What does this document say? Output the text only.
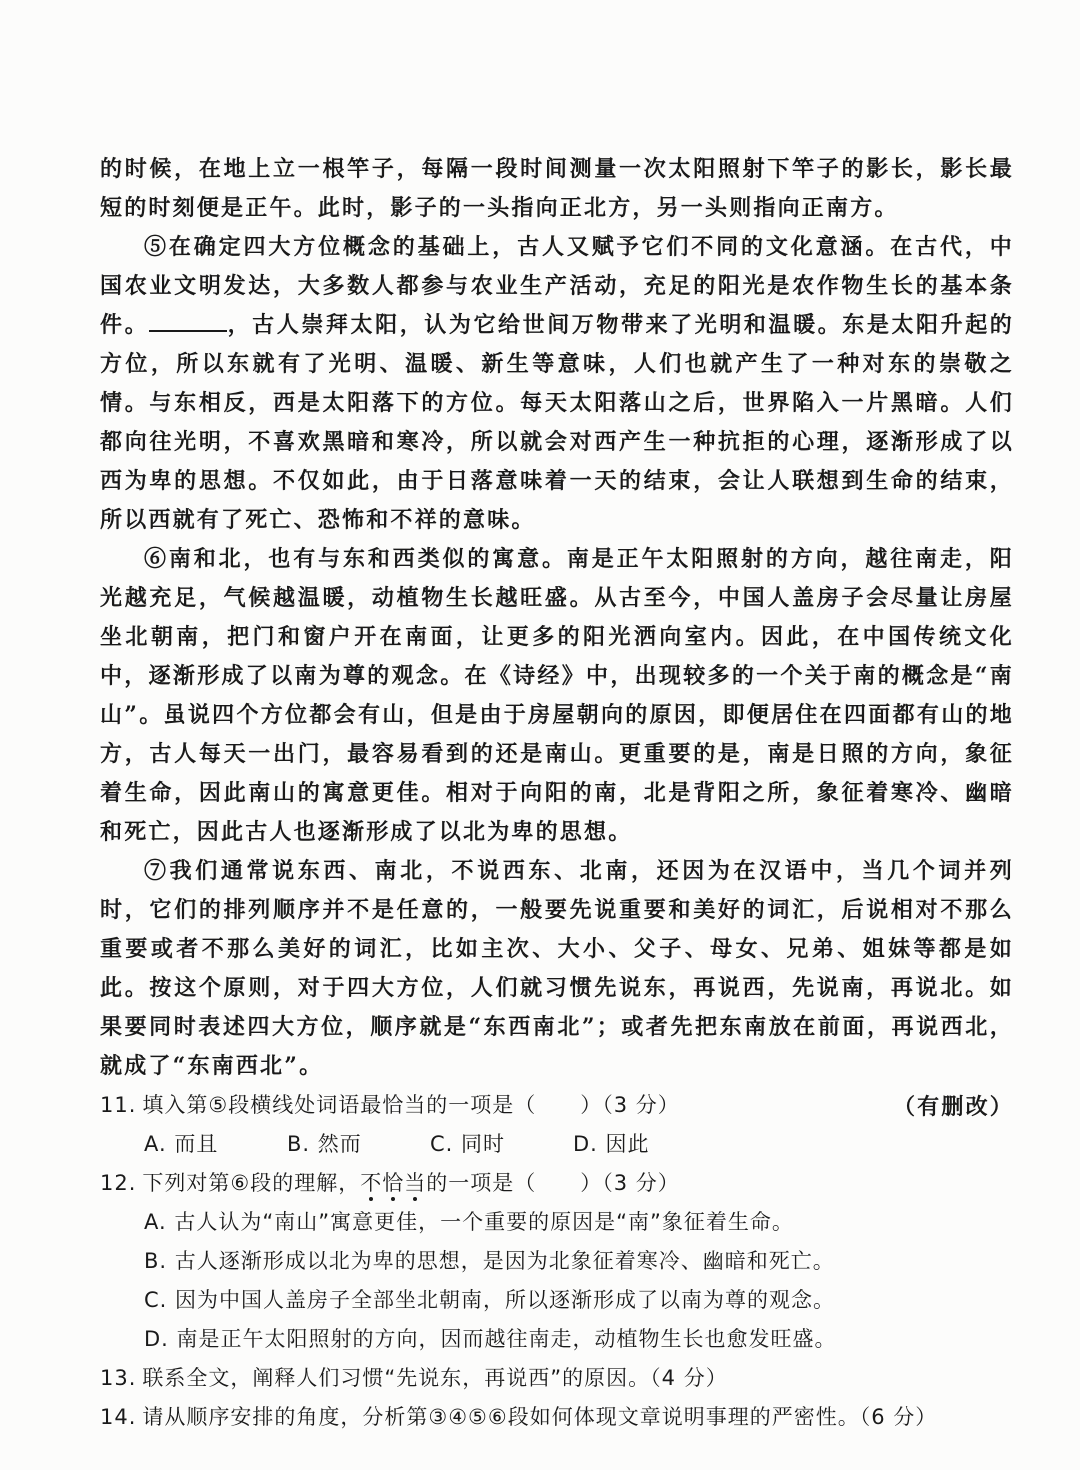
的时候，在地上立一根竿子，每隔一段时间测量一次太阳照射下竿子的影长，影长最短的时刻便是正午。此时，影子的一头指向正北方，另一头则指向正南方。

⑤在确定四大方位概念的基础上，古人又赋予它们不同的文化意涵。在古代，中国农业文明发达，大多数人都参与农业生产活动，充足的阳光是农作物生长的基本条件。	，古人崇拜太阳，认为它给世间万物带来了光明和温暖。东是太阳升起的方位，所以东就有了光明、温暖、新生等意味，人们也就产生了一种对东的崇敬之情。与东相反，西是太阳落下的方位。每天太阳落山之后，世界陷入一片黑暗。人们都向往光明，不喜欢黑暗和寒冷，所以就会对西产生一种抗拒的心理，逐渐形成了以西为卑的思想。不仅如此，由于日落意味着一天的结束，会让人联想到生命的结束，所以西就有了死亡、恐怖和不祥的意味。

⑥南和北，也有与东和西类似的寓意。南是正午太阳照射的方向，越往南走，阳光越充足，气候越温暖，动植物生长越旺盛。从古至今，中国人盖房子会尽量让房屋坐北朝南，把门和窗户开在南面，让更多的阳光洒向室内。因此，在中国传统文化中，逐渐形成了以南为尊的观念。在《诗经》中，出现较多的一个关于南的概念是“南山”。虽说四个方位都会有山，但是由于房屋朝向的原因，即便居住在四面都有山的地方，古人每天一出门，最容易看到的还是南山。更重要的是，南是日照的方向，象征着生命，因此南山的寓意更佳。相对于向阳的南，北是背阳之所，象征着寒冷、幽暗和死亡，因此古人也逐渐形成了以北为卑的思想。

⑦我们通常说东西、南北，不说西东、北南，还因为在汉语中，当几个词并列时，它们的排列顺序并不是任意的，一般要先说重要和美好的词汇，后说相对不那么重要或者不那么美好的词汇，比如主次、大小、父子、母女、兄弟、姐妹等都是如此。按这个原则，对于四大方位，人们就习惯先说东，再说西，先说南，再说北。如果要同时表述四大方位，顺序就是“东西南北”；或者先把东南放在前面，再说西北，就成了“东南西北”。

（有删改）

11. 填入第⑤段横线处词语最恰当的一项是（　　）（3 分）

A. 而且	B. 然而	C. 同时	D. 因此

12. 下列对第⑥段的理解，不恰当的一项是（　　）（3 分）

A. 古人认为“南山”寓意更佳，一个重要的原因是“南”象征着生命。

B. 古人逐渐形成以北为卑的思想，是因为北象征着寒冷、幽暗和死亡。

C. 因为中国人盖房子全部坐北朝南，所以逐渐形成了以南为尊的观念。

D. 南是正午太阳照射的方向，因而越往南走，动植物生长也愈发旺盛。

13. 联系全文，阐释人们习惯“先说东，再说西”的原因。（4 分）

14. 请从顺序安排的角度，分析第③④⑤⑥段如何体现文章说明事理的严密性。（6 分）
